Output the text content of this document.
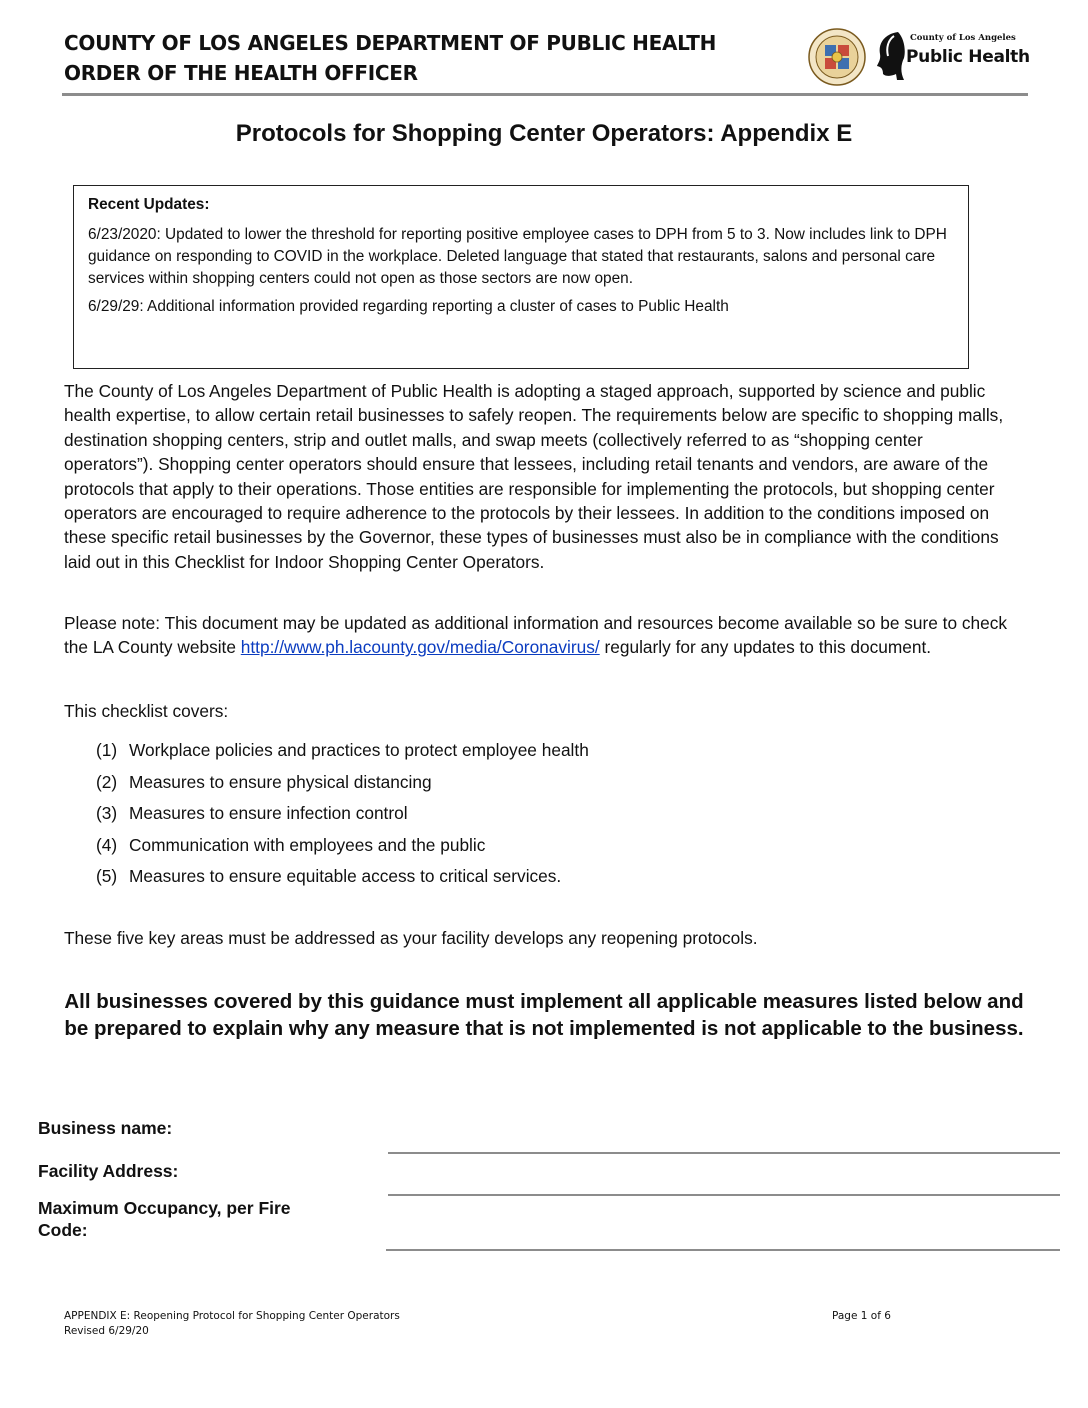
COUNTY OF LOS ANGELES DEPARTMENT OF PUBLIC HEALTH
ORDER OF THE HEALTH OFFICER
County of Los Angeles
Public Health
Protocols for Shopping Center Operators: Appendix E
Recent Updates:

6/23/2020: Updated to lower the threshold for reporting positive employee cases to DPH from 5 to 3. Now includes link to DPH guidance on responding to COVID in the workplace. Deleted language that stated that restaurants, salons and personal care services within shopping centers could not open as those sectors are now open.

6/29/29: Additional information provided regarding reporting a cluster of cases to Public Health

The County of Los Angeles Department of Public Health is adopting a staged approach, supported by science and public health expertise, to allow certain retail businesses to safely reopen. The requirements below are specific to shopping malls, destination shopping centers, strip and outlet malls, and swap meets (collectively referred to as “shopping center operators”). Shopping center operators should ensure that lessees, including retail tenants and vendors, are aware of the protocols that apply to their operations. Those entities are responsible for implementing the protocols, but shopping center operators are encouraged to require adherence to the protocols by their lessees. In addition to the conditions imposed on these specific retail businesses by the Governor, these types of businesses must also be in compliance with the conditions laid out in this Checklist for Indoor Shopping Center Operators.

Please note: This document may be updated as additional information and resources become available so be sure to check the LA County website http://www.ph.lacounty.gov/media/Coronavirus/ regularly for any updates to this document.

This checklist covers:
(1) Workplace policies and practices to protect employee health
(2) Measures to ensure physical distancing
(3) Measures to ensure infection control
(4) Communication with employees and the public
(5) Measures to ensure equitable access to critical services.
These five key areas must be addressed as your facility develops any reopening protocols.
All businesses covered by this guidance must implement all applicable measures listed below and be prepared to explain why any measure that is not implemented is not applicable to the business.
Business name:
Facility Address:
Maximum Occupancy, per Fire Code:
APPENDIX E: Reopening Protocol for Shopping Center Operators
Revised 6/29/20
Page 1 of 6
